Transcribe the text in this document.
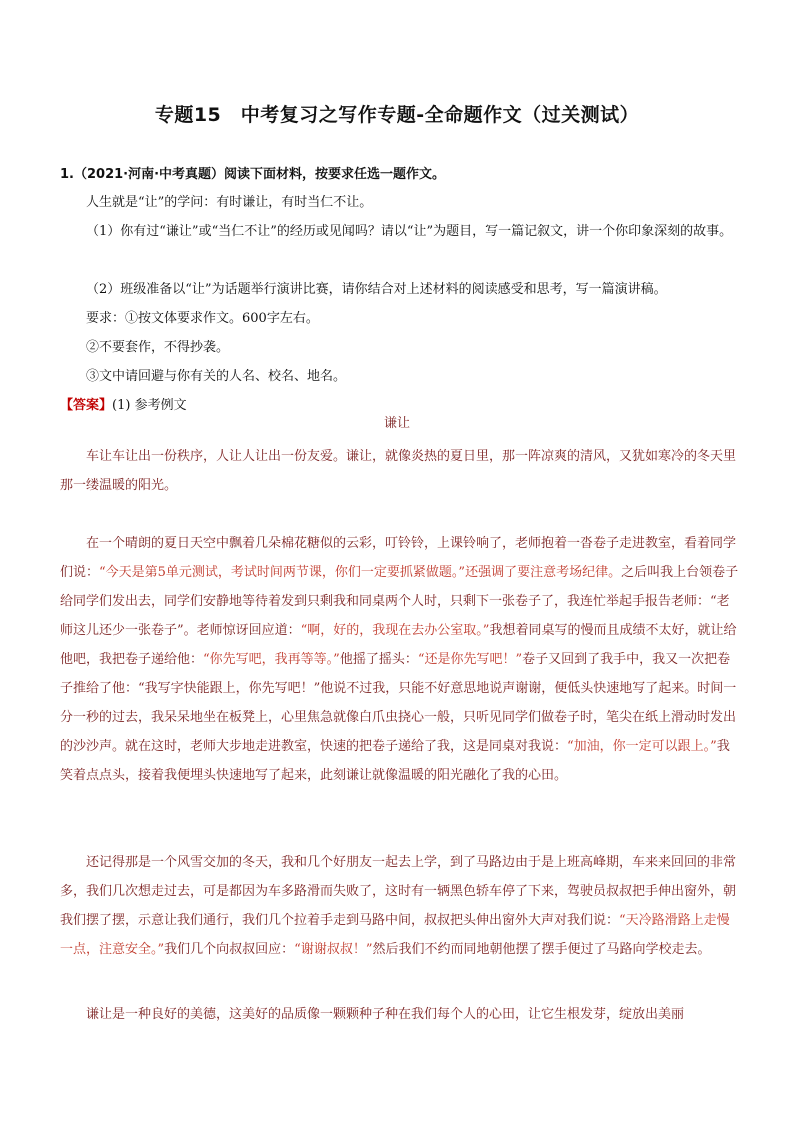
专题15　中考复习之写作专题-全命题作文（过关测试）
1.（2021·河南·中考真题）阅读下面材料，按要求任选一题作文。

人生就是“让”的学问：有时谦让，有时当仁不让。

（1）你有过“谦让”或“当仁不让”的经历或见闻吗？请以“让”为题目，写一篇记叙文，讲一个你印象深刻的故事。

（2）班级准备以“让”为话题举行演讲比赛，请你结合对上述材料的阅读感受和思考，写一篇演讲稿。

要求：①按文体要求作文。600字左右。

②不要套作，不得抄袭。

③文中请回避与你有关的人名、校名、地名。

【答案】(1) 参考例文

谦让

车让车让出一份秩序，人让人让出一份友爱。谦让，就像炎热的夏日里，那一阵凉爽的清风，又犹如寒冷的冬天里那一缕温暖的阳光。

在一个晴朗的夏日天空中飘着几朵棉花糖似的云彩，叮铃铃，上课铃响了，老师抱着一沓卷子走进教室，看着同学们说：“今天是第5单元测试，考试时间两节课，你们一定要抓紧做题。”还强调了要注意考场纪律。之后叫我上台领卷子给同学们发出去，同学们安静地等待着发到只剩我和同桌两个人时，只剩下一张卷子了，我连忙举起手报告老师：“老师这儿还少一张卷子”。老师惊讶回应道：“啊，好的，我现在去办公室取。”我想着同桌写的慢而且成绩不太好，就让给他吧，我把卷子递给他：“你先写吧，我再等等。”他摇了摇头：“还是你先写吧！”卷子又回到了我手中，我又一次把卷子推给了他：“我写字快能跟上，你先写吧！”他说不过我，只能不好意思地说声谢谢，便低头快速地写了起来。时间一分一秒的过去，我呆呆地坐在板凳上，心里焦急就像白爪虫挠心一般，只听见同学们做卷子时，笔尖在纸上滑动时发出的沙沙声。就在这时，老师大步地走进教室，快速的把卷子递给了我，这是同桌对我说：“加油，你一定可以跟上。”我笑着点点头，接着我便埋头快速地写了起来，此刻谦让就像温暖的阳光融化了我的心田。

还记得那是一个风雪交加的冬天，我和几个好朋友一起去上学，到了马路边由于是上班高峰期，车来来回回的非常多，我们几次想走过去，可是都因为车多路滑而失败了，这时有一辆黑色轿车停了下来，驾驶员叔叔把手伸出窗外，朝我们摆了摆，示意让我们通行，我们几个拉着手走到马路中间，叔叔把头伸出窗外大声对我们说：“天冷路滑路上走慢一点，注意安全。”我们几个向叔叔回应：“谢谢叔叔！”然后我们不约而同地朝他摆了摆手便过了马路向学校走去。

谦让是一种良好的美德，这美好的品质像一颗颗种子种在我们每个人的心田，让它生根发芽，绽放出美丽
